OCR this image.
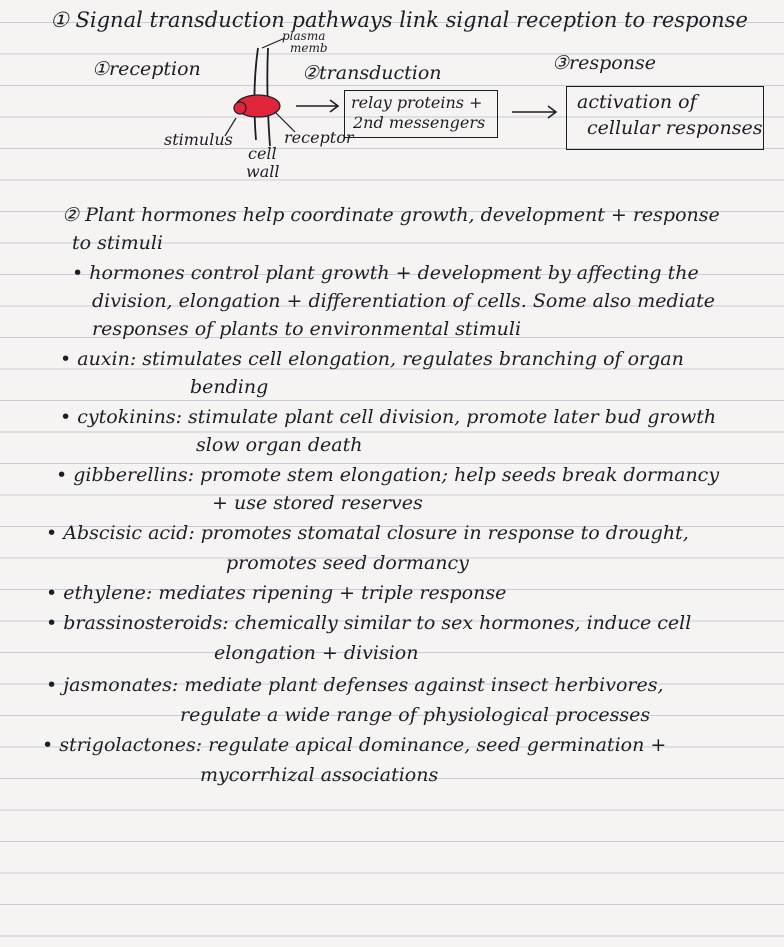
① Signal transduction pathways link signal reception to response
plasma
memb
①reception	②transduction	③response
relay proteins +
2nd messengers
activation of
cellular responses
stimulus	receptor
cell
wall
② Plant hormones help coordinate growth, development + response
to stimuli
• hormones control plant growth + development by affecting the
division, elongation + differentiation of cells. Some also mediate
responses of plants to environmental stimuli
• auxin: stimulates cell elongation, regulates branching of organ
bending
• cytokinins: stimulate plant cell division, promote later bud growth
slow organ death
• gibberellins: promote stem elongation; help seeds break dormancy
+ use stored reserves
• Abscisic acid: promotes stomatal closure in response to drought,
promotes seed dormancy
• ethylene: mediates ripening + triple response
• brassinosteroids: chemically similar to sex hormones, induce cell
elongation + division
• jasmonates: mediate plant defenses against insect herbivores,
regulate a wide range of physiological processes
• strigolactones: regulate apical dominance, seed germination +
mycorrhizal associations
